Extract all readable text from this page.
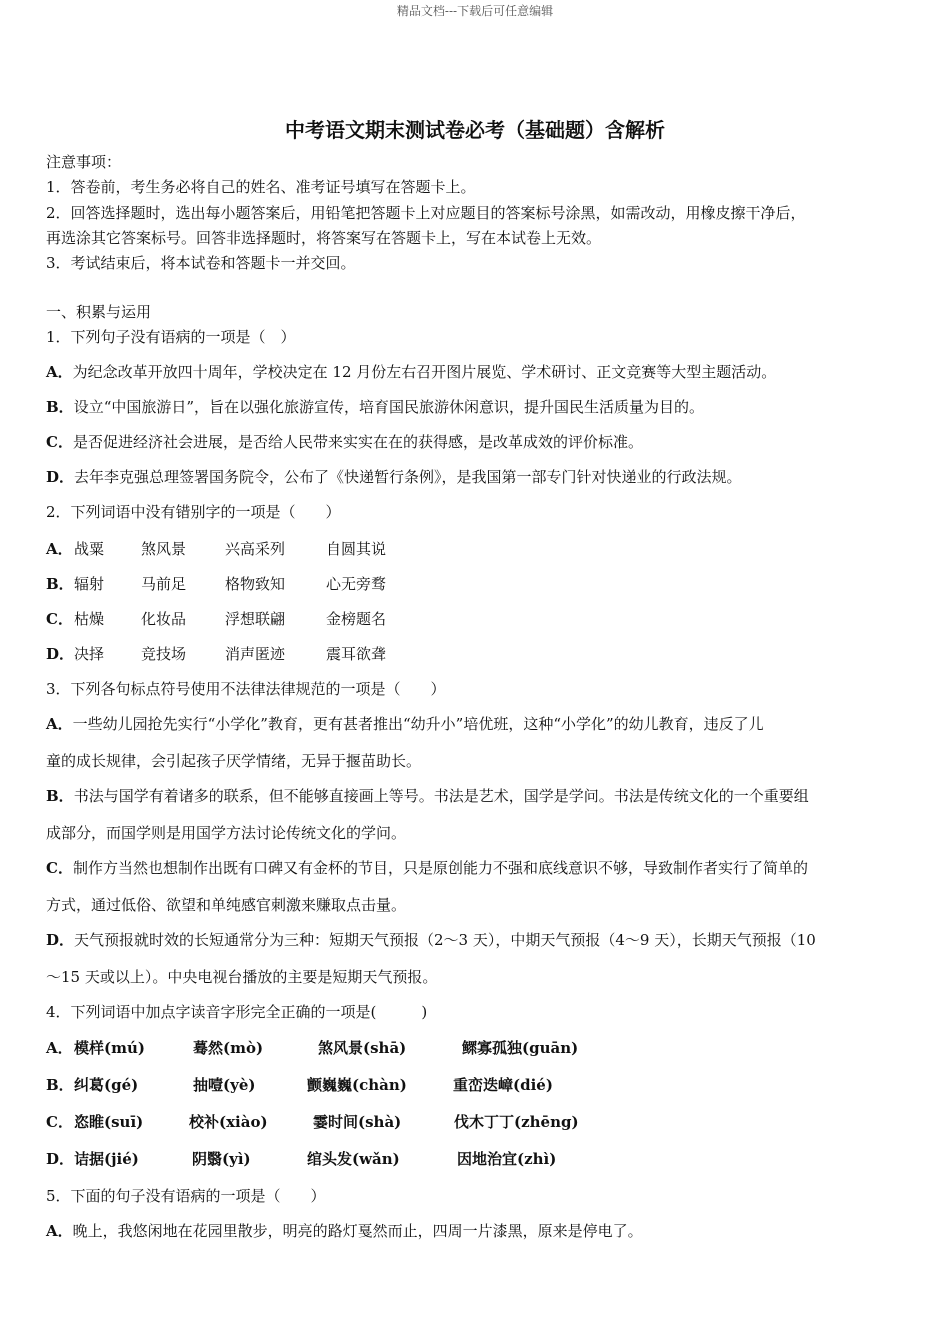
精品文档---下载后可任意编辑
中考语文期末测试卷必考（基础题）含解析
注意事项：
1．答卷前，考生务必将自己的姓名、准考证号填写在答题卡上。
2．回答选择题时，选出每小题答案后，用铅笔把答题卡上对应题目的答案标号涂黑，如需改动，用橡皮擦干净后，
再选涂其它答案标号。回答非选择题时，将答案写在答题卡上，写在本试卷上无效。
3．考试结束后，将本试卷和答题卡一并交回。
一、积累与运用
1．下列句子没有语病的一项是（　）
A．为纪念改革开放四十周年，学校决定在 12 月份左右召开图片展览、学术研讨、正文竞赛等大型主题活动。
B．设立“中国旅游日”，旨在以强化旅游宣传，培育国民旅游休闲意识，提升国民生活质量为目的。
C．是否促进经济社会进展，是否给人民带来实实在在的获得感，是改革成效的评价标准。
D．去年李克强总理签署国务院令，公布了《快递暂行条例》，是我国第一部专门针对快递业的行政法规。
2．下列词语中没有错别字的一项是（　　）
A． 战粟 煞风景	兴高采列	自圆其说
B． 辐射 马前足	格物致知	心无旁骛
C． 枯燥 化妆品	浮想联翩	金榜题名
D． 决择 竞技场	消声匿迹	震耳欲聋
3．下列各句标点符号使用不法律法律规范的一项是（　　）
A．一些幼儿园抢先实行“小学化”教育，更有甚者推出“幼升小”培优班，这种“小学化”的幼儿教育，违反了儿
童的成长规律，会引起孩子厌学情绪，无异于揠苗助长。
B．书法与国学有着诸多的联系，但不能够直接画上等号。书法是艺术，国学是学问。书法是传统文化的一个重要组
成部分，而国学则是用国学方法讨论传统文化的学问。
C．制作方当然也想制作出既有口碑又有金杯的节目，只是原创能力不强和底线意识不够，导致制作者实行了简单的
方式，通过低俗、欲望和单纯感官刺激来赚取点击量。
D．天气预报就时效的长短通常分为三种：短期天气预报（2～3 天），中期天气预报（4～9 天），长期天气预报（10
～15 天或以上）。中央电视台播放的主要是短期天气预报。
4．下列词语中加点字读音字形完全正确的一项是(　　　)
A． 模样(mú)	蓦然(mò)	煞风景(shā)	鳏寡孤独(guān)
B． 纠葛(gé)	抽噎(yè)	颤巍巍(chàn)	重峦迭嶂(dié)
C． 恣睢(suī)	校补(xiào)	霎时间(shà)	伐木丁丁(zhēng)
D． 诘据(jié)	阴翳(yì)	绾头发(wǎn)	因地治宜(zhì)
5．下面的句子没有语病的一项是（　　）
A．晚上，我悠闲地在花园里散步，明亮的路灯戛然而止，四周一片漆黑，原来是停电了。
